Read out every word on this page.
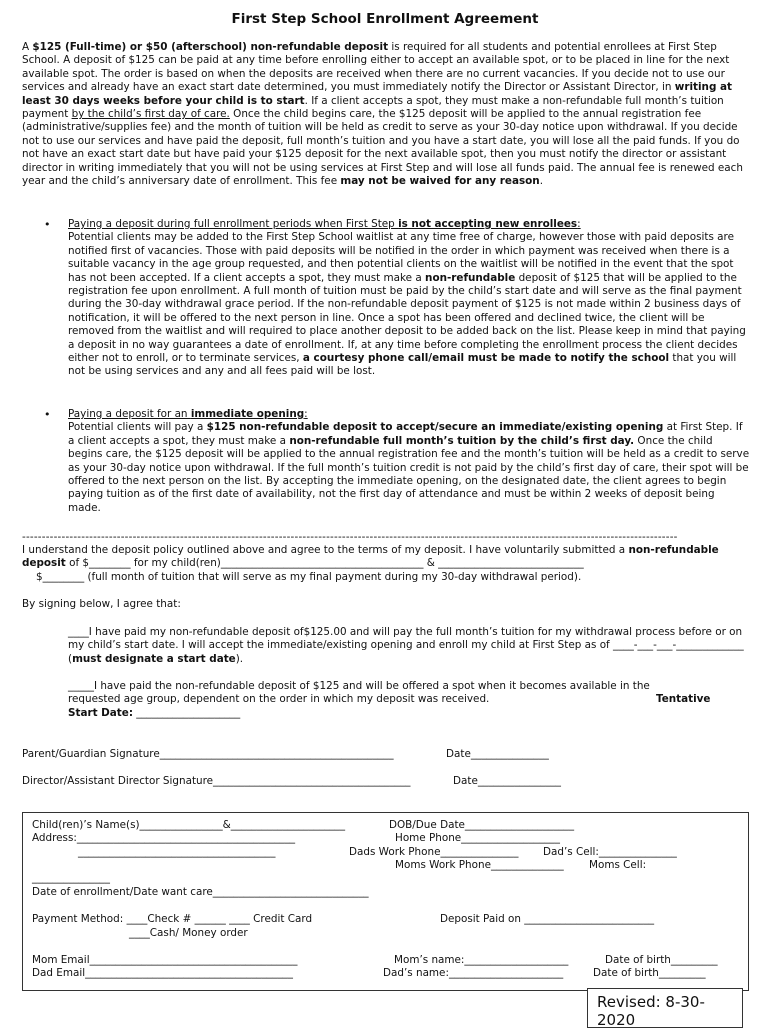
First Step School Enrollment Agreement
A $125 (Full-time) or $50 (afterschool) non-refundable deposit is required for all students and potential enrollees at First Step School. A deposit of $125 can be paid at any time before enrolling either to accept an available spot, or to be placed in line for the next available spot. The order is based on when the deposits are received when there are no current vacancies. If you decide not to use our services and already have an exact start date determined, you must immediately notify the Director or Assistant Director, in writing at least 30 days weeks before your child is to start. If a client accepts a spot, they must make a non-refundable full month’s tuition payment by the child’s first day of care. Once the child begins care, the $125 deposit will be applied to the annual registration fee (administrative/supplies fee) and the month of tuition will be held as credit to serve as your 30-day notice upon withdrawal. If you decide not to use our services and have paid the deposit, full month’s tuition and you have a start date, you will lose all the paid funds. If you do not have an exact start date but have paid your $125 deposit for the next available spot, then you must notify the director or assistant director in writing immediately that you will not be using services at First Step and will lose all funds paid. The annual fee is renewed each year and the child’s anniversary date of enrollment. This fee may not be waived for any reason.
• Paying a deposit during full enrollment periods when First Step is not accepting new enrollees:
Potential clients may be added to the First Step School waitlist at any time free of charge, however those with paid deposits are notified first of vacancies. Those with paid deposits will be notified in the order in which payment was received when there is a suitable vacancy in the age group requested, and then potential clients on the waitlist will be notified in the event that the spot has not been accepted. If a client accepts a spot, they must make a non-refundable deposit of $125 that will be applied to the registration fee upon enrollment. A full month of tuition must be paid by the child’s start date and will serve as the final payment during the 30-day withdrawal grace period. If the non-refundable deposit payment of $125 is not made within 2 business days of notification, it will be offered to the next person in line. Once a spot has been offered and declined twice, the client will be removed from the waitlist and will required to place another deposit to be added back on the list. Please keep in mind that paying a deposit in no way guarantees a date of enrollment. If, at any time before completing the enrollment process the client decides either not to enroll, or to terminate services, a courtesy phone call/email must be made to notify the school that you will not be using services and any and all fees paid will be lost.
• Paying a deposit for an immediate opening:
Potential clients will pay a $125 non-refundable deposit to accept/secure an immediate/existing opening at First Step. If a client accepts a spot, they must make a non-refundable full month’s tuition by the child’s first day. Once the child begins care, the $125 deposit will be applied to the annual registration fee and the month’s tuition will be held as a credit to serve as your 30-day notice upon withdrawal. If the full month’s tuition credit is not paid by the child’s first day of care, their spot will be offered to the next person on the list. By accepting the immediate opening, on the designated date, the client agrees to begin paying tuition as of the first date of availability, not the first day of attendance and must be within 2 weeks of deposit being made.
----------------------------------------------------------------------------------------------------------------------------------------------------------------------
I understand the deposit policy outlined above and agree to the terms of my deposit. I have voluntarily submitted a non-refundable deposit of $________ for my child(ren)_______________________________________ & ____________________________
$________ (full month of tuition that will serve as my final payment during my 30-day withdrawal period).
By signing below, I agree that:
____I have paid my non-refundable deposit of$125.00 and will pay the full month’s tuition for my withdrawal process before or on my child’s start date. I will accept the immediate/existing opening and enroll my child at First Step as of ____-___-___-_____________ (must designate a start date).
_____I have paid the non-refundable deposit of $125 and will be offered a spot when it becomes available in the
requested age group, dependent on the order in which my deposit was received.	Tentative
Start Date: ____________________
Parent/Guardian Signature_____________________________________________	Date_______________
Director/Assistant Director Signature______________________________________	Date________________
Child(ren)’s Name(s)________________&______________________	DOB/Due Date_____________________
Address:__________________________________________	Home Phone___________________
______________________________________	Dads Work Phone_______________ Dad’s Cell:_______________
Moms Work Phone______________ Moms Cell:
_______________
Date of enrollment/Date want care______________________________
Payment Method: ____Check # ______ ____ Credit Card	Deposit Paid on _________________________
____Cash/ Money order
Mom Email________________________________________	Mom’s name:____________________	Date of birth_________
Dad Email________________________________________	Dad’s name:______________________	Date of birth_________
Revised: 8-30-2020
